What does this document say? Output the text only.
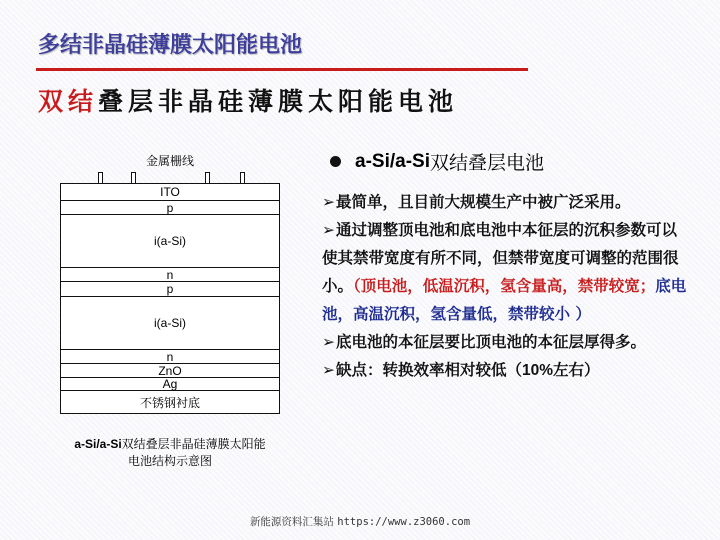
多结非晶硅薄膜太阳能电池
双结叠层非晶硅薄膜太阳能电池
金属栅线
ITO
p
i(a-Si)
n
p
i(a-Si)
n
ZnO
Ag
不锈钢衬底
a-Si/a-Si双结叠层非晶硅薄膜太阳能
电池结构示意图
a-Si/a-Si 双结叠层电池

➢最简单，且目前大规模生产中被广泛采用。

➢通过调整顶电池和底电池中本征层的沉积参数可以使其禁带宽度有所不同，但禁带宽度可调整的范围很小。（顶电池，低温沉积，氢含量高，禁带较宽；底电池，高温沉积，氢含量低，禁带较小 ）

➢底电池的本征层要比顶电池的本征层厚得多。

➢缺点：转换效率相对较低（10%左右）

新能源资料汇集站 https://www.z3060.com
